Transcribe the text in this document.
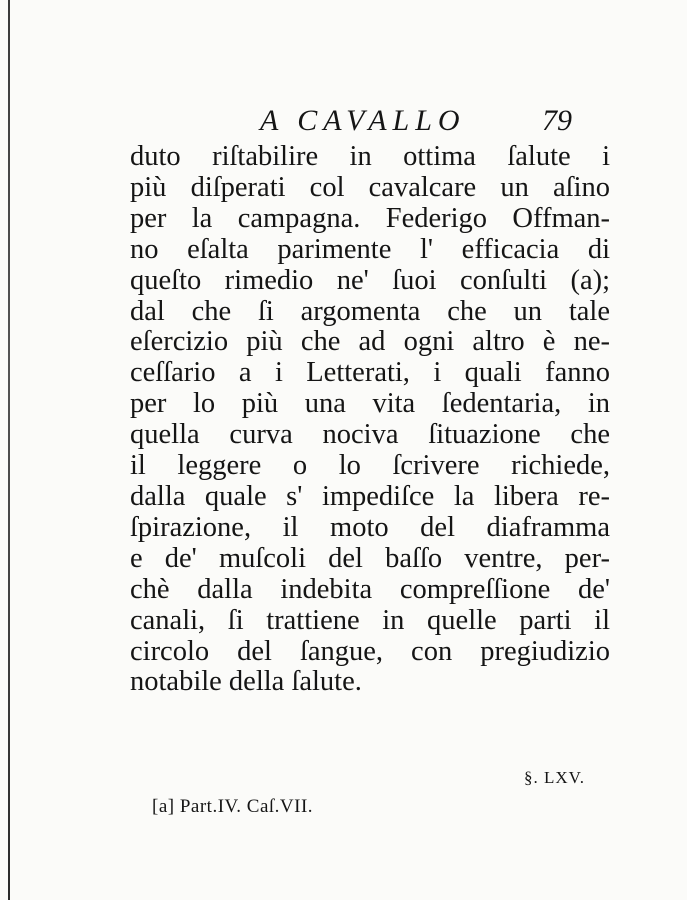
A CAVALLO	79
duto riſtabilire in ottima ſalute i
più diſperati col cavalcare un aſino
per la campagna. Federigo Offman-
no eſalta parimente l' efficacia di
queſto rimedio ne' ſuoi conſulti (a);
dal che ſi argomenta che un tale
eſercizio più che ad ogni altro è ne-
ceſſario a i Letterati, i quali fanno
per lo più una vita ſedentaria, in
quella curva nociva ſituazione che
il leggere o lo ſcrivere richiede,
dalla quale s' impediſce la libera re-
ſpirazione, il moto del diaframma
e de' muſcoli del baſſo ventre, per-
chè dalla indebita compreſſione de'
canali, ſi trattiene in quelle parti il
circolo del ſangue, con pregiudizio
notabile della ſalute.
§. LXV.
[a] Part.IV. Caſ.VII.
